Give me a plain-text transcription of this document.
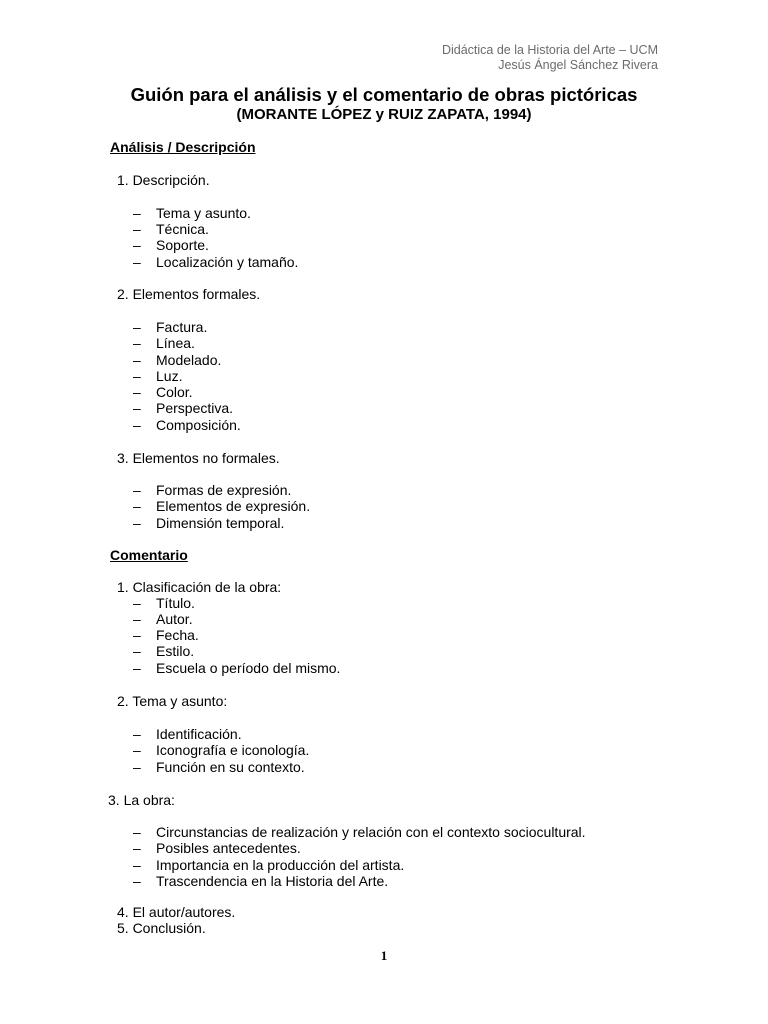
Didáctica de la Historia del Arte – UCM
Jesús Ángel Sánchez Rivera
Guión para el análisis y el comentario de obras pictóricas
(MORANTE LÓPEZ y RUIZ ZAPATA, 1994)
Análisis / Descripción
1. Descripción.
– Tema y asunto.
– Técnica.
– Soporte.
– Localización y tamaño.
2. Elementos formales.
– Factura.
– Línea.
– Modelado.
– Luz.
– Color.
– Perspectiva.
– Composición.
3. Elementos no formales.
– Formas de expresión.
– Elementos de expresión.
– Dimensión temporal.
Comentario
1. Clasificación de la obra:
– Título.
– Autor.
– Fecha.
– Estilo.
– Escuela o período del mismo.
2. Tema y asunto:
– Identificación.
– Iconografía e iconología.
– Función en su contexto.
3. La obra:
– Circunstancias de realización y relación con el contexto sociocultural.
– Posibles antecedentes.
– Importancia en la producción del artista.
– Trascendencia en la Historia del Arte.
4. El autor/autores.
5. Conclusión.
1
